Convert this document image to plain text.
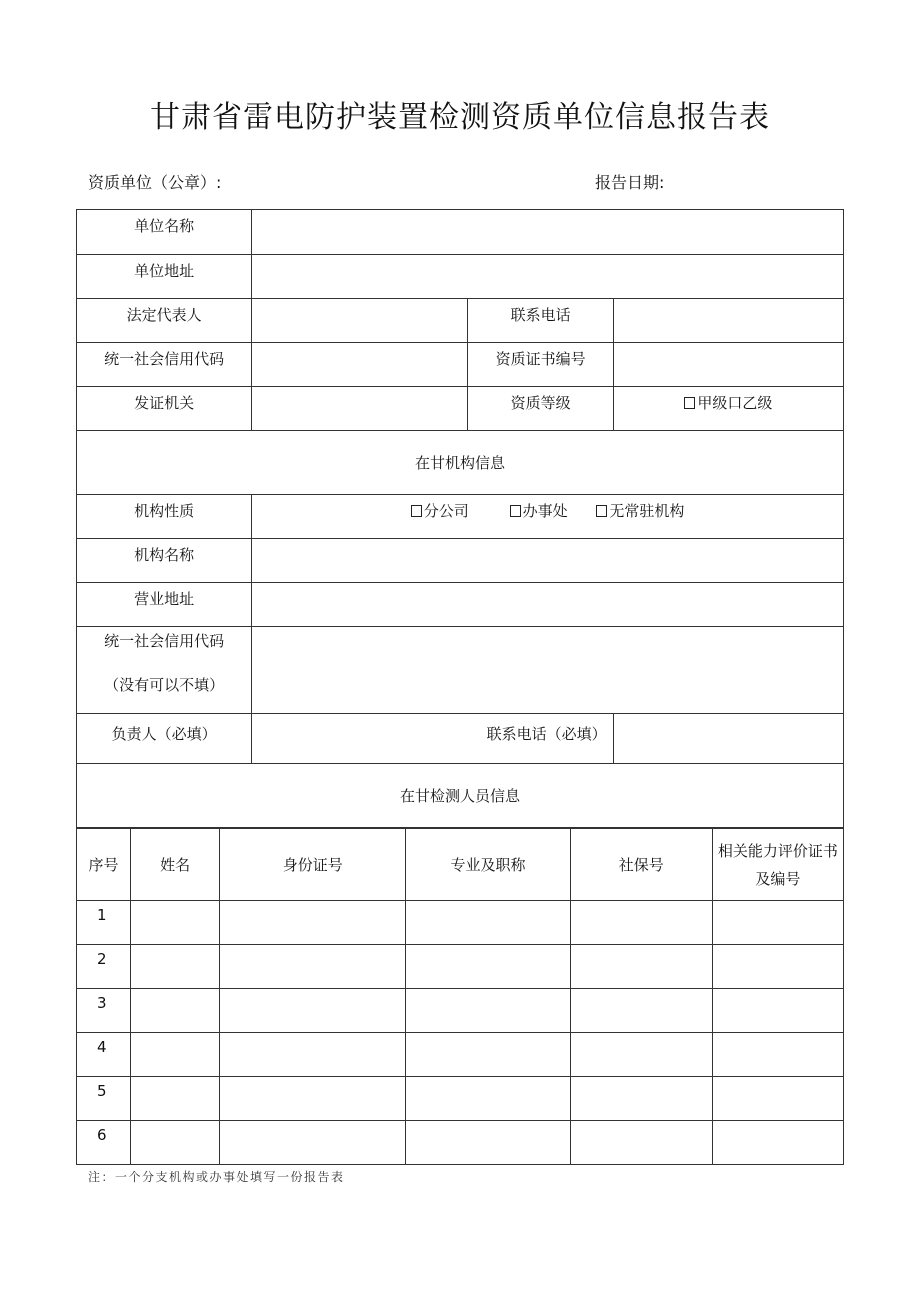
甘肃省雷电防护装置检测资质单位信息报告表
资质单位（公章）:	报告日期:
单位名称			
单位地址			
法定代表人		联系电话	
统一社会信用代码		资质证书编号	
发证机关		资质等级	甲级口乙级
在甘机构信息			
机构性质	分公司 办事处 无常驻机构		
机构名称			
营业地址			

统一社会信用代码
（没有可以不填）			

负责人（必填）	联系电话（必填）		
在甘检测人员信息			
序号	姓名	身份证号	专业及职称	社保号	相关能力评价证书及编号
1					
2					
3					
4					
5					
6					
注：一个分支机构或办事处填写一份报告表
